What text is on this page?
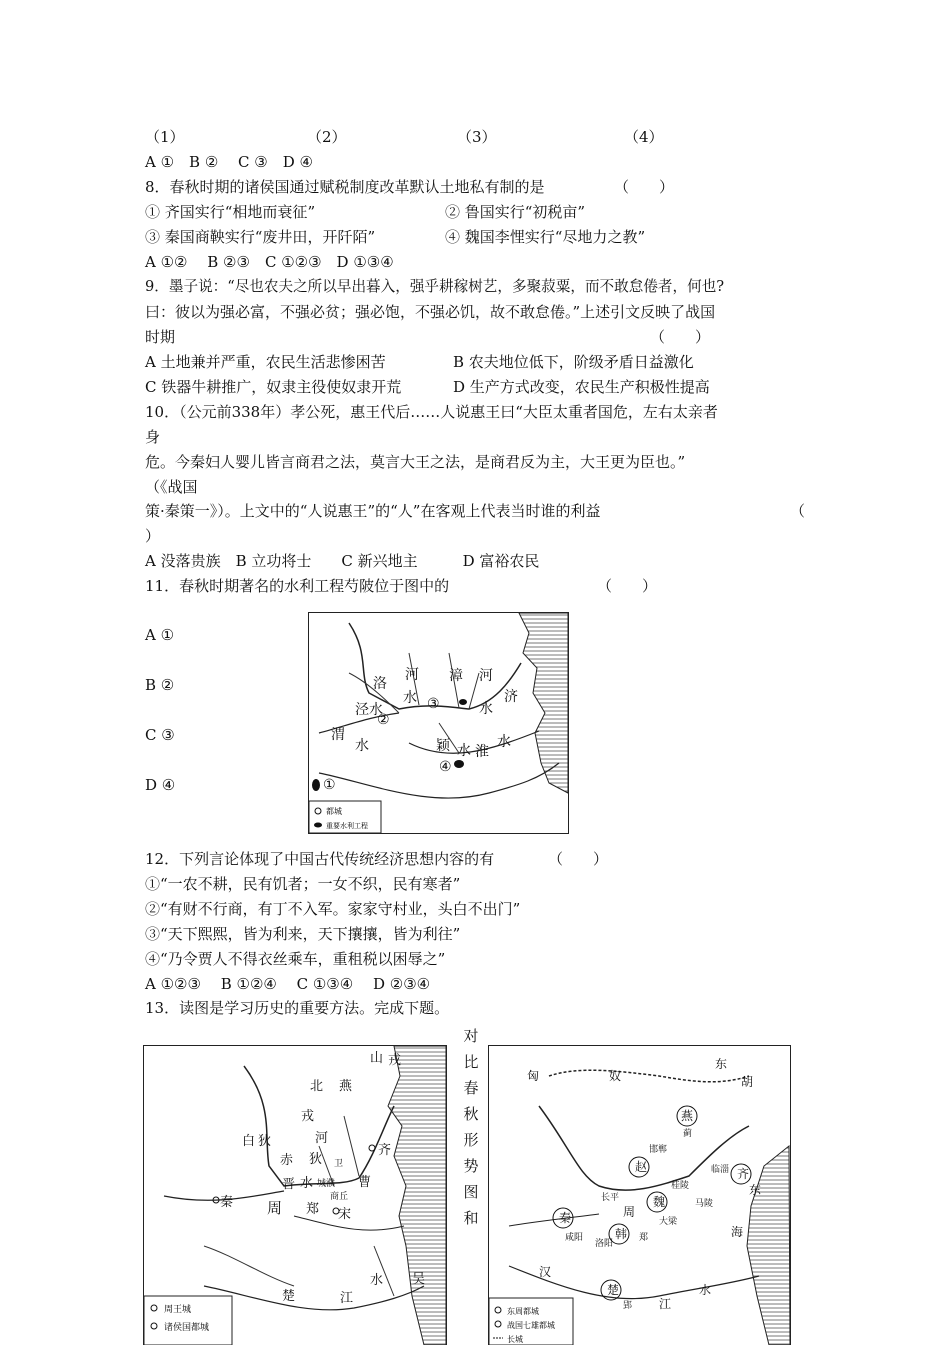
（1）	（2）	（3）	（4）
A ①　B ②　 C ③　D ④
8．春秋时期的诸侯国通过赋税制度改革默认土地私有制的是	（　　）
① 齐国实行“相地而衰征”	② 鲁国实行“初税亩”
③ 秦国商鞅实行“废井田，开阡陌”	④ 魏国李悝实行“尽地力之教”
A ①②　 B ②③　C ①②③　D ①③④
9．墨子说：“尽也农夫之所以早出暮入，强乎耕稼树艺，多聚菽粟，而不敢怠倦者，何也?
曰：彼以为强必富，不强必贫；强必饱，不强必饥，故不敢怠倦。”上述引文反映了战国
时期	（　　）
A 土地兼并严重，农民生活悲惨困苦	B 农夫地位低下，阶级矛盾日益激化
C 铁器牛耕推广，奴隶主役使奴隶开荒	D 生产方式改变，农民生产积极性提高
10．（公元前338年）孝公死，惠王代后……人说惠王曰“大臣太重者国危，左右太亲者
身
危。今秦妇人婴儿皆言商君之法，莫言大王之法，是商君反为主，大王更为臣也。”
（《战国
策·秦策一》）。上文中的“人说惠王”的“人”在客观上代表当时谁的利益	（
）
A 没落贵族　B 立功将士　　C 新兴地主　　　D 富裕农民
11．春秋时期著名的水利工程芍陂位于图中的	（　　）
A ①
B ②
C ③
D ④
洛
河 漳
泾 水
水
河
济
水
渭
水	颖 水 淮
水
①
②
③
④
都城
重要水利工程
12．下列言论体现了中国古代传统经济思想内容的有	（　　）
①“一农不耕，民有饥者；一女不织，民有寒者”
②“有财不行商，有丁不入军。家家守村业，头白不出门”
③“天下熙熙，皆为利来，天下攘攘，皆为利往”
④“乃令贾人不得衣丝乘车，重租税以困辱之”
A ①②③　 B ①②④　 C ①③④　 D ②③④
13．读图是学习历史的重要方法。完成下题。
对
比
春
秋
形
势
图
和
山 戎
北 燕
戎
白 狄	河
赤 狄
齐
晋 水	曹
卫
城濮
商丘
秦 周 郑 宋
楚	江
吴
水
周王城
诸侯国都城
东
匈	奴	胡
燕
蓟
邯郸
赵	齐
临淄
长平
桂陵	东
秦	周
魏
大梁
马陵
海
咸阳
洛阳
韩 郑
汉
楚
郢 江
水
东周都城
战国七雄都城
长城
